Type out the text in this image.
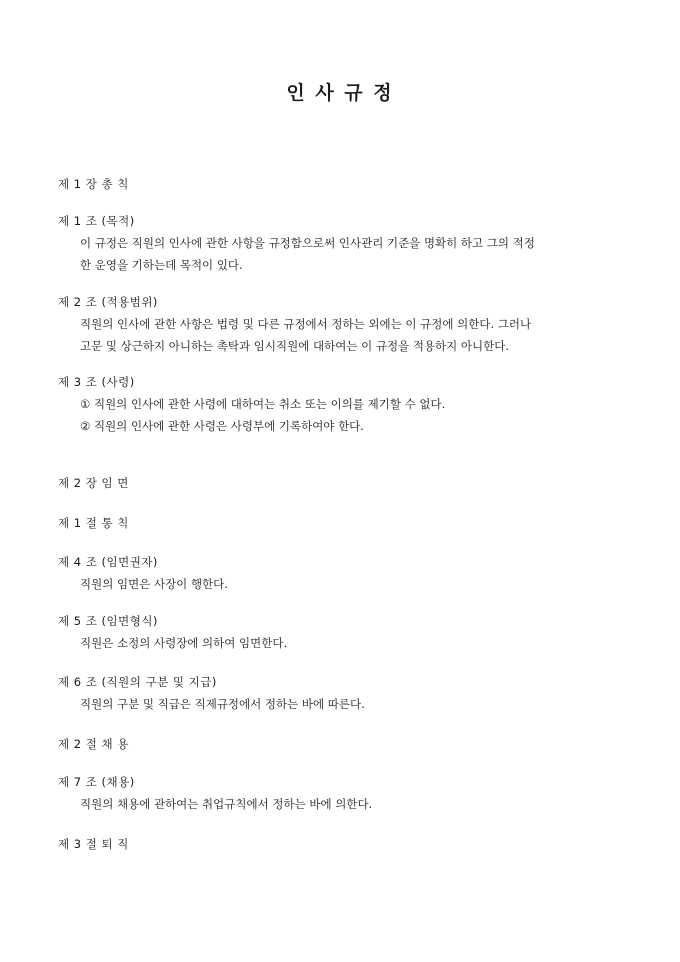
인 사 규 정

제 1 장 총 칙

제 1 조 (목적)

이 규정은 직원의 인사에 관한 사항을 규정함으로써 인사관리 기준을 명확히 하고 그의 적정

한 운영을 기하는데 목적이 있다.

제 2 조 (적용범위)

직원의 인사에 관한 사항은 법령 및 다른 규정에서 정하는 외에는 이 규정에 의한다. 그러나

고문 및 상근하지 아니하는 촉탁과 임시직원에 대하여는 이 규정을 적용하지 아니한다.

제 3 조 (사령)

① 직원의 인사에 관한 사령에 대하여는 취소 또는 이의를 제기할 수 없다.

② 직원의 인사에 관한 사령은 사령부에 기록하여야 한다.

제 2 장 임 면

제 1 절 통 칙

제 4 조 (임면권자)

직원의 임면은 사장이 행한다.

제 5 조 (임면형식)

직원은 소정의 사령장에 의하여 임면한다.

제 6 조 (직원의 구분 및 지급)

직원의 구분 및 직급은 직제규정에서 정하는 바에 따른다.

제 2 절 채 용

제 7 조 (채용)

직원의 채용에 관하여는 취업규칙에서 정하는 바에 의한다.

제 3 절 퇴 직
